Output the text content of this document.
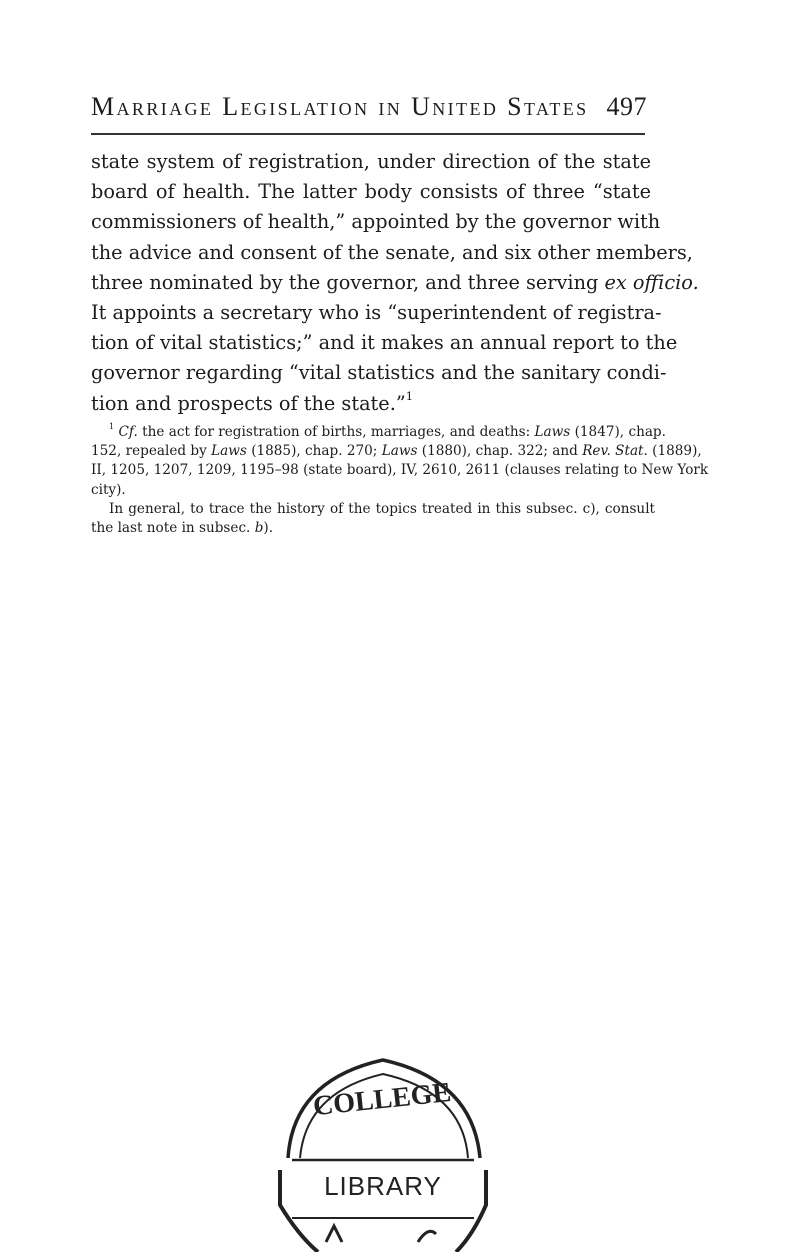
Marriage Legislation in United States 497
state system of registration, under direction of the state
board of health. The latter body consists of three “state
commissioners of health,” appointed by the governor with
the advice and consent of the senate, and six other members,
three nominated by the governor, and three serving ex officio.
It appoints a secretary who is “superintendent of registra-
tion of vital statistics;” and it makes an annual report to the
governor regarding “vital statistics and the sanitary condi-
tion and prospects of the state.”$^1$
$^1$ Cf. the act for registration of births, marriages, and deaths: Laws (1847), chap.
152, repealed by Laws (1885), chap. 270; Laws (1880), chap. 322; and Rev. Stat. (1889),
II, 1205, 1207, 1209, 1195–98 (state board), IV, 2610, 2611 (clauses relating to New York
city).
In general, to trace the history of the topics treated in this subsec. c), consult
the last note in subsec. b).
COLLEGE
LIBRARY
